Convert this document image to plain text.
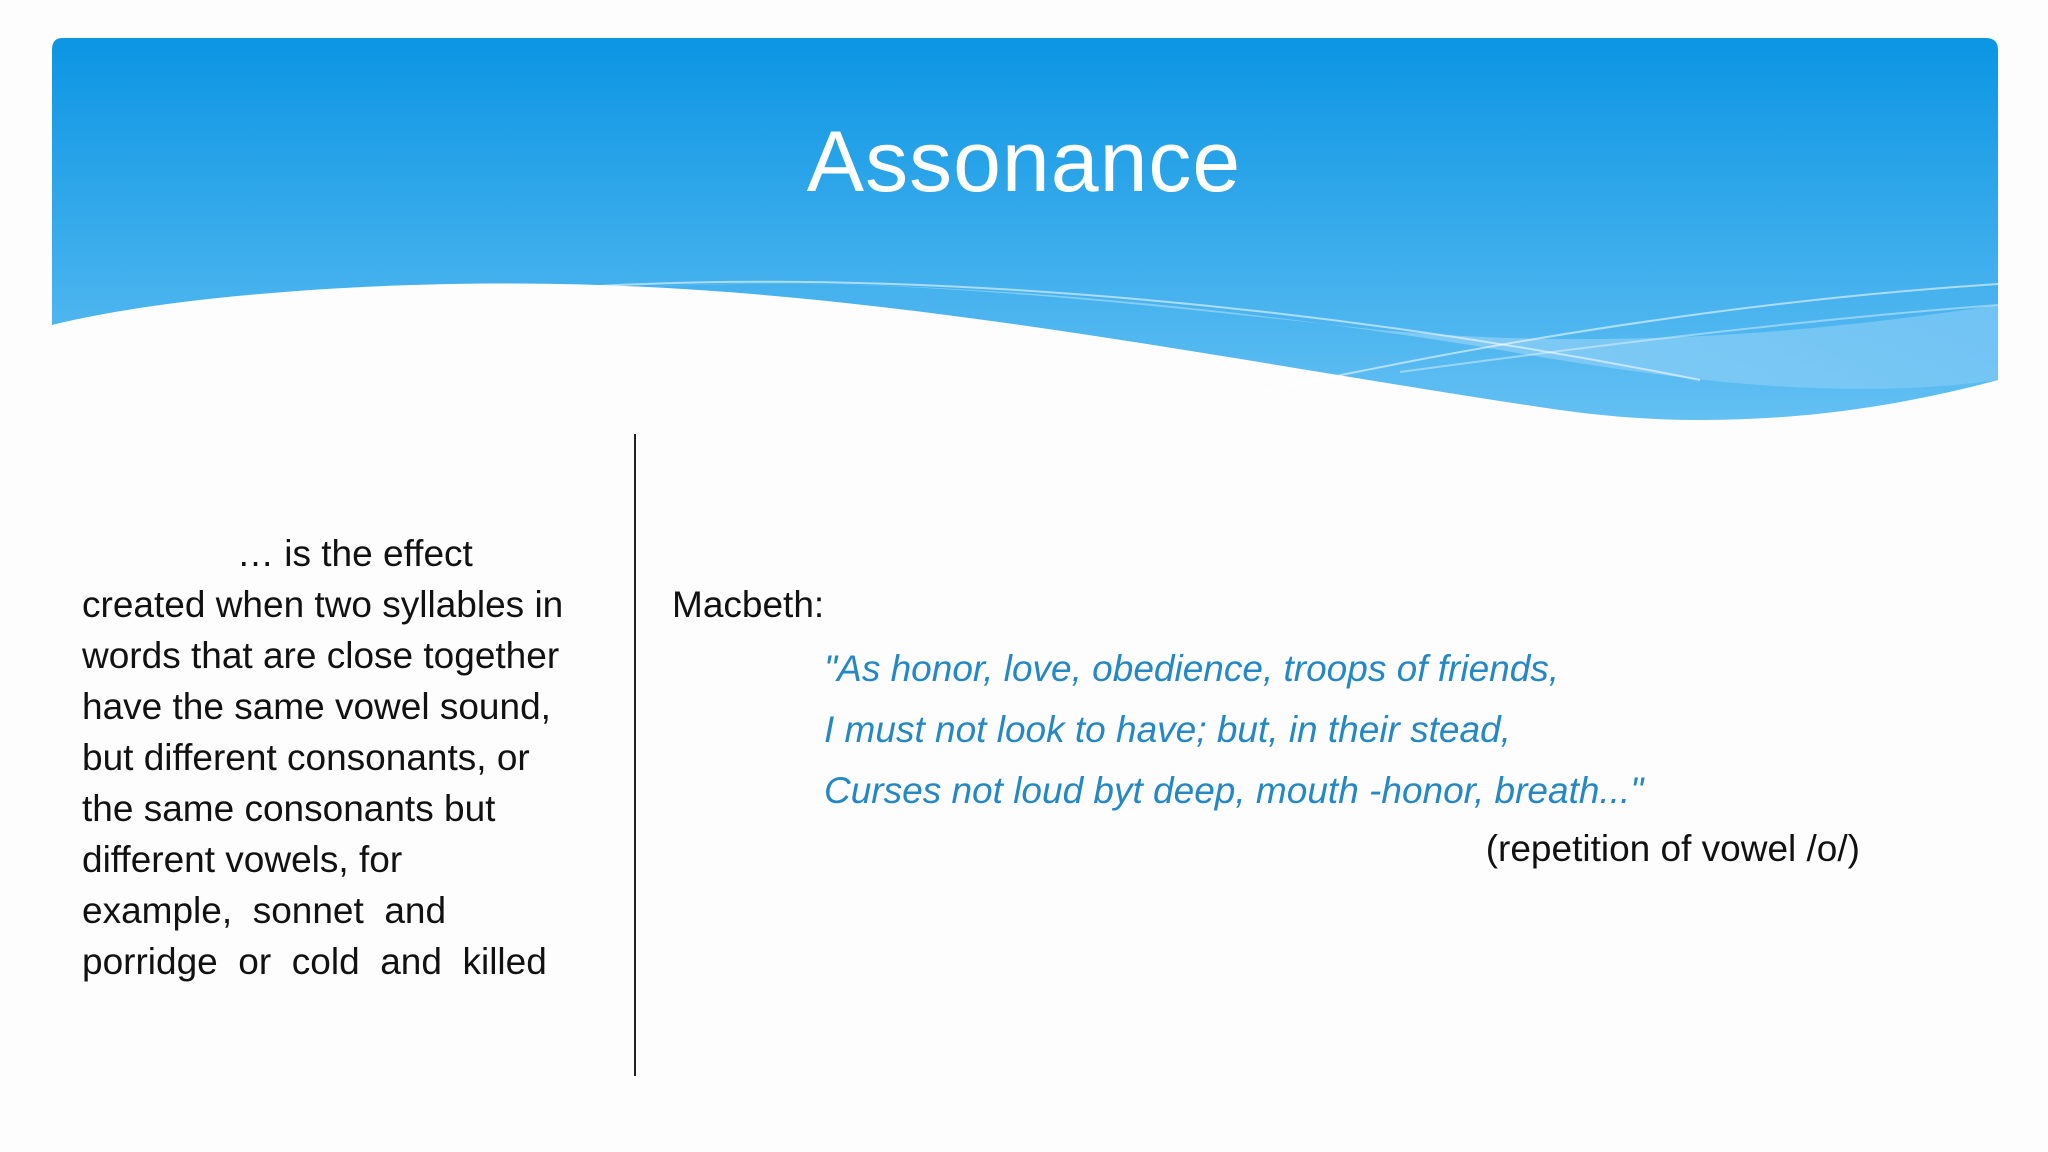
Assonance
… is the effect
created when two syllables in
words that are close together
have the same vowel sound,
but different consonants, or
the same consonants but
different vowels, for
example,  sonnet  and
porridge  or  cold  and  killed
Macbeth:
"As honor, love, obedience, troops of friends,
I must not look to have; but, in their stead,
Curses not loud byt deep, mouth -honor, breath..."
(repetition of vowel /o/)
